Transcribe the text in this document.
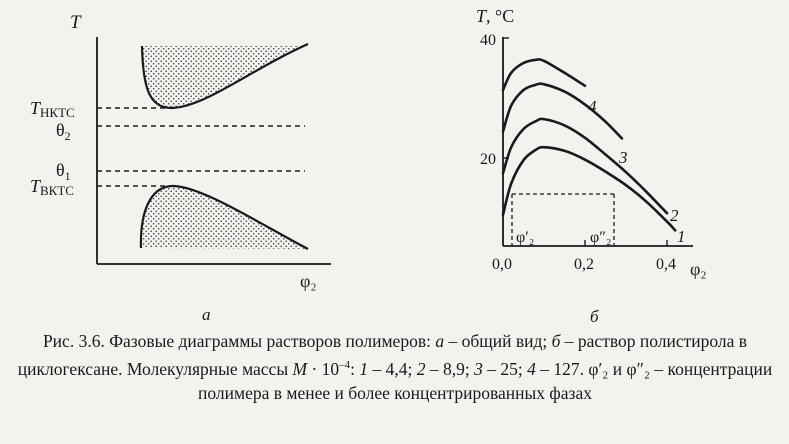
T
φ₂
а
TНКТС
$\theta_2$
$\theta_1$
TВКТС
T, °C
φ₂
б
40
20
0,0	0,2	0,4
φ′₂	φ″₂	1
2
3
4
Рис. 3.6. Фазовые диаграммы растворов полимеров: а – общий вид; б – раствор полистирола в циклогексане. Молекулярные массы $M \cdot 10^{-4}$: 1 – 4,4; 2 – 8,9; 3 – 25; 4 – 127. φ′₂ и φ″₂ – концентрации полимера в менее и более концентрированных фазах
